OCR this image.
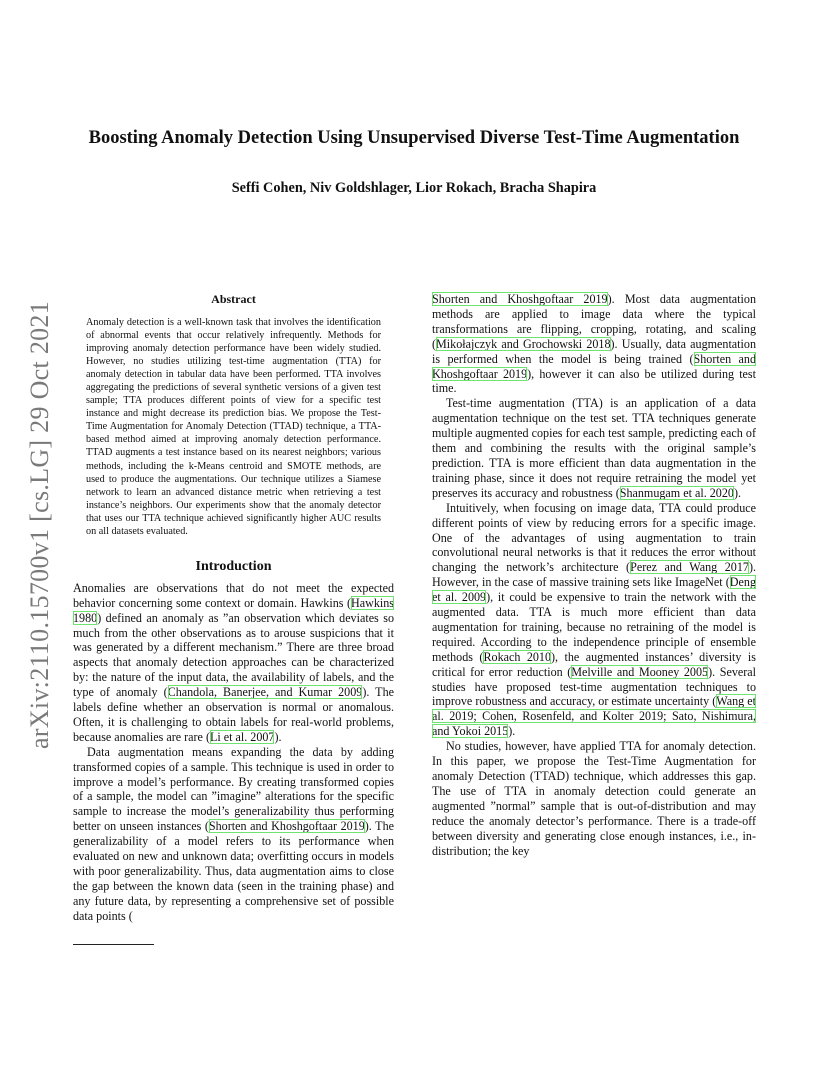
arXiv:2110.15700v1 [cs.LG] 29 Oct 2021
Boosting Anomaly Detection Using Unsupervised Diverse Test-Time Augmentation
Seffi Cohen, Niv Goldshlager, Lior Rokach, Bracha Shapira
Abstract

Anomaly detection is a well-known task that involves the identification of abnormal events that occur relatively infrequently. Methods for improving anomaly detection performance have been widely studied. However, no studies utilizing test-time augmentation (TTA) for anomaly detection in tabular data have been performed. TTA involves aggregating the predictions of several synthetic versions of a given test sample; TTA produces different points of view for a specific test instance and might decrease its prediction bias. We propose the Test-Time Augmentation for Anomaly Detection (TTAD) technique, a TTA-based method aimed at improving anomaly detection performance. TTAD augments a test instance based on its nearest neighbors; various methods, including the k-Means centroid and SMOTE methods, are used to produce the augmentations. Our technique utilizes a Siamese network to learn an advanced distance metric when retrieving a test instance’s neighbors. Our experiments show that the anomaly detector that uses our TTA technique achieved significantly higher AUC results on all datasets evaluated.

Introduction

Anomalies are observations that do not meet the expected behavior concerning some context or domain. Hawkins (Hawkins 1980) defined an anomaly as ”an observation which deviates so much from the other observations as to arouse suspicions that it was generated by a different mechanism.” There are three broad aspects that anomaly detection approaches can be characterized by: the nature of the input data, the availability of labels, and the type of anomaly (Chandola, Banerjee, and Kumar 2009). The labels define whether an observation is normal or anomalous. Often, it is challenging to obtain labels for real-world problems, because anomalies are rare (Li et al. 2007).

Data augmentation means expanding the data by adding transformed copies of a sample. This technique is used in order to improve a model’s performance. By creating transformed copies of a sample, the model can ”imagine” alterations for the specific sample to increase the model’s generalizability thus performing better on unseen instances (Shorten and Khoshgoftaar 2019). The generalizability of a model refers to its performance when evaluated on new and unknown data; overfitting occurs in models with poor generalizability. Thus, data augmentation aims to close the gap between the known data (seen in the training phase) and any future data, by representing a comprehensive set of possible data points (

Shorten and Khoshgoftaar 2019). Most data augmentation methods are applied to image data where the typical transformations are flipping, cropping, rotating, and scaling (Mikołajczyk and Grochowski 2018). Usually, data augmentation is performed when the model is being trained (Shorten and Khoshgoftaar 2019), however it can also be utilized during test time.

Test-time augmentation (TTA) is an application of a data augmentation technique on the test set. TTA techniques generate multiple augmented copies for each test sample, predicting each of them and combining the results with the original sample’s prediction. TTA is more efficient than data augmentation in the training phase, since it does not require retraining the model yet preserves its accuracy and robustness (Shanmugam et al. 2020).

Intuitively, when focusing on image data, TTA could produce different points of view by reducing errors for a specific image. One of the advantages of using augmentation to train convolutional neural networks is that it reduces the error without changing the network’s architecture (Perez and Wang 2017). However, in the case of massive training sets like ImageNet (Deng et al. 2009), it could be expensive to train the network with the augmented data. TTA is much more efficient than data augmentation for training, because no retraining of the model is required. According to the independence principle of ensemble methods (Rokach 2010), the augmented instances’ diversity is critical for error reduction (Melville and Mooney 2005). Several studies have proposed test-time augmentation techniques to improve robustness and accuracy, or estimate uncertainty (Wang et al. 2019; Cohen, Rosenfeld, and Kolter 2019; Sato, Nishimura, and Yokoi 2015).

No studies, however, have applied TTA for anomaly detection. In this paper, we propose the Test-Time Augmentation for anomaly Detection (TTAD) technique, which addresses this gap. The use of TTA in anomaly detection could generate an augmented ”normal” sample that is out-of-distribution and may reduce the anomaly detector’s performance. There is a trade-off between diversity and generating close enough instances, i.e., in-distribution; the key
